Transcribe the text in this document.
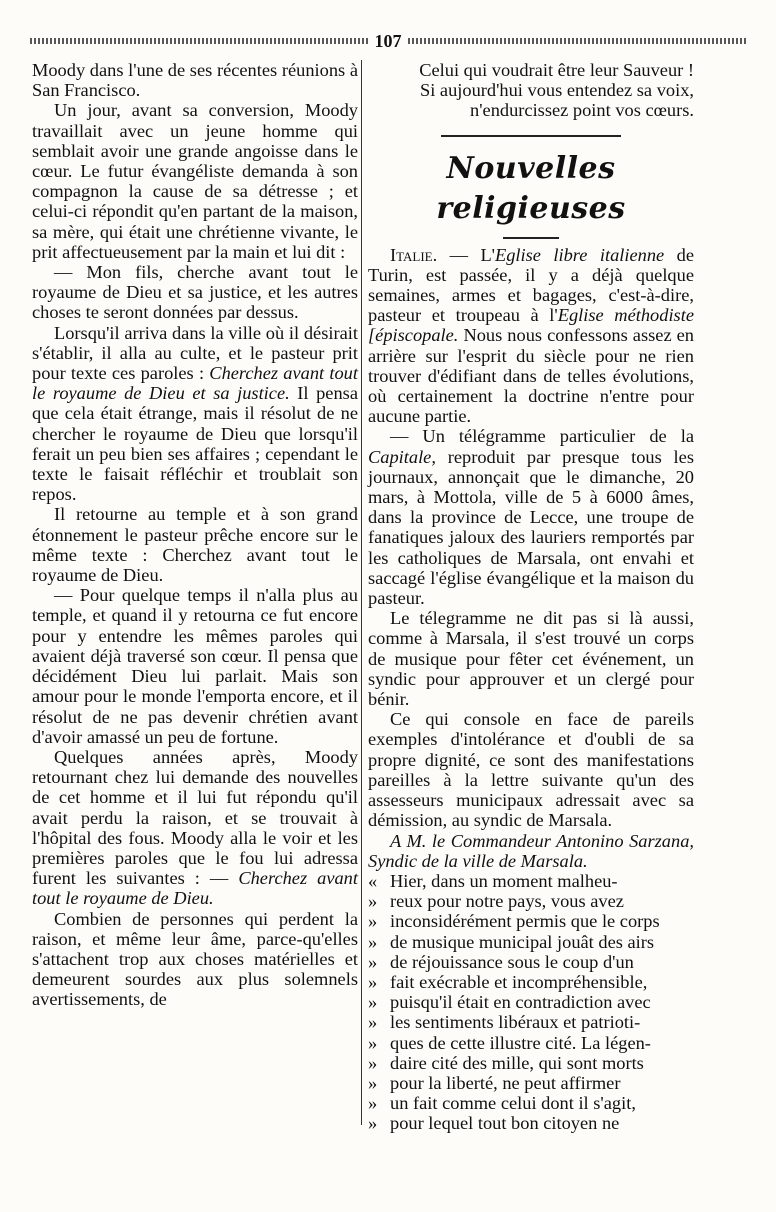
107

Moody dans l'une de ses récentes réunions à San Francisco.

Un jour, avant sa conversion, Moody travaillait avec un jeune homme qui semblait avoir une grande angoisse dans le cœur. Le futur évangéliste demanda à son compagnon la cause de sa détresse ; et celui-ci répondit qu'en partant de la maison, sa mère, qui était une chrétienne vivante, le prit affectueusement par la main et lui dit :

— Mon fils, cherche avant tout le royaume de Dieu et sa justice, et les autres choses te seront données par dessus.

Lorsqu'il arriva dans la ville où il désirait s'établir, il alla au culte, et le pasteur prit pour texte ces paroles : Cherchez avant tout le royaume de Dieu et sa justice. Il pensa que cela était étrange, mais il résolut de ne chercher le royaume de Dieu que lorsqu'il ferait un peu bien ses affaires ; cependant le texte le faisait réfléchir et troublait son repos.

Il retourne au temple et à son grand étonnement le pasteur prêche encore sur le même texte : Cherchez avant tout le royaume de Dieu.

— Pour quelque temps il n'alla plus au temple, et quand il y retourna ce fut encore pour y entendre les mêmes paroles qui avaient déjà traversé son cœur. Il pensa que décidément Dieu lui parlait. Mais son amour pour le monde l'emporta encore, et il résolut de ne pas devenir chrétien avant d'avoir amassé un peu de fortune.

Quelques années après, Moody retournant chez lui demande des nouvelles de cet homme et il lui fut répondu qu'il avait perdu la raison, et se trouvait à l'hôpital des fous. Moody alla le voir et les premières paroles que le fou lui adressa furent les suivantes : — Cherchez avant tout le royaume de Dieu.

Combien de personnes qui perdent la raison, et même leur âme, parce-qu'elles s'attachent trop aux choses matérielles et demeurent sourdes aux plus solemnels avertissements, de

Celui qui voudrait être leur Sauveur !

Si aujourd'hui vous entendez sa voix,

n'endurcissez point vos cœurs.

Nouvelles religieuses

Italie. — L'Eglise libre italienne de Turin, est passée, il y a déjà quelque semaines, armes et bagages, c'est-à-dire, pasteur et troupeau à l'Eglise méthodiste [épiscopale. Nous nous confessons assez en arrière sur l'esprit du siècle pour ne rien trouver d'édifiant dans de telles évolutions, où certainement la doctrine n'entre pour aucune partie.

— Un télégramme particulier de la Capitale, reproduit par presque tous les journaux, annonçait que le dimanche, 20 mars, à Mottola, ville de 5 à 6000 âmes, dans la province de Lecce, une troupe de fanatiques jaloux des lauriers remportés par les catholiques de Marsala, ont envahi et saccagé l'église évangélique et la maison du pasteur.

Le télegramme ne dit pas si là aussi, comme à Marsala, il s'est trouvé un corps de musique pour fêter cet événement, un syndic pour approuver et un clergé pour bénir.

Ce qui console en face de pareils exemples d'intolérance et d'oubli de sa propre dignité, ce sont des manifestations pareilles à la lettre suivante qu'un des assesseurs municipaux adressait avec sa démission, au syndic de Marsala.

A M. le Commandeur Antonino Sarzana, Syndic de la ville de Marsala.

« Hier, dans un moment malheu-

» reux pour notre pays, vous avez

» inconsidérément permis que le corps

» de musique municipal jouât des airs

» de réjouissance sous le coup d'un

» fait exécrable et incompréhensible,

» puisqu'il était en contradiction avec

» les sentiments libéraux et patrioti-

» ques de cette illustre cité. La légen-

» daire cité des mille, qui sont morts

» pour la liberté, ne peut affirmer

» un fait comme celui dont il s'agit,

» pour lequel tout bon citoyen ne
